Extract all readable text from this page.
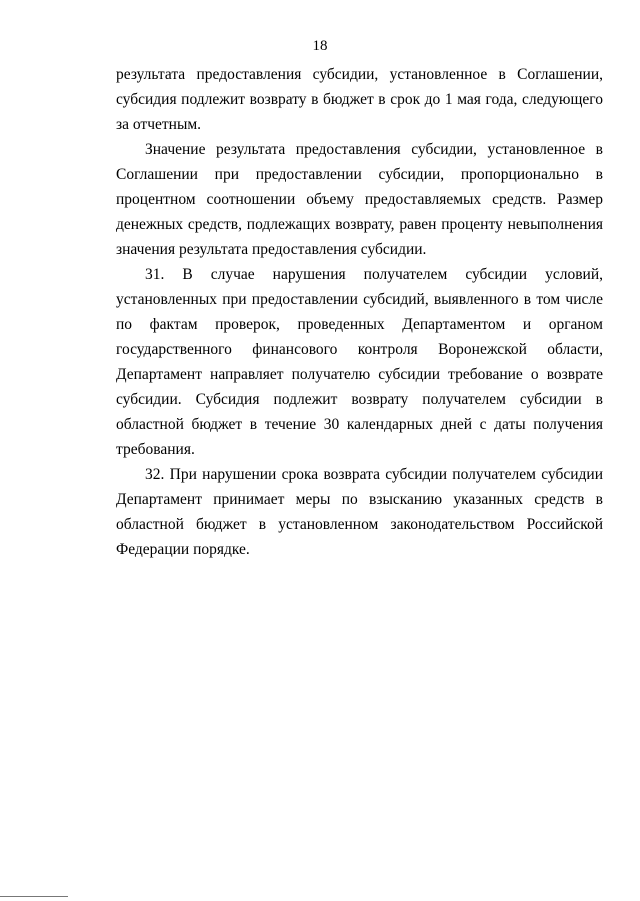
18

результата предоставления субсидии, установленное в Соглашении, субсидия подлежит возврату в бюджет в срок до 1 мая года, следующего за отчетным.

Значение результата предоставления субсидии, установленное в Соглашении при предоставлении субсидии, пропорционально в процентном соотношении объему предоставляемых средств. Размер денежных средств, подлежащих возврату, равен проценту невыполнения значения результата предоставления субсидии.

31. В случае нарушения получателем субсидии условий, установленных при предоставлении субсидий, выявленного в том числе по фактам проверок, проведенных Департаментом и органом государственного финансового контроля Воронежской области, Департамент направляет получателю субсидии требование о возврате субсидии. Субсидия подлежит возврату получателем субсидии в областной бюджет в течение 30 календарных дней с даты получения требования.

32. При нарушении срока возврата субсидии получателем субсидии Департамент принимает меры по взысканию указанных средств в областной бюджет в установленном законодательством Российской Федерации порядке.
